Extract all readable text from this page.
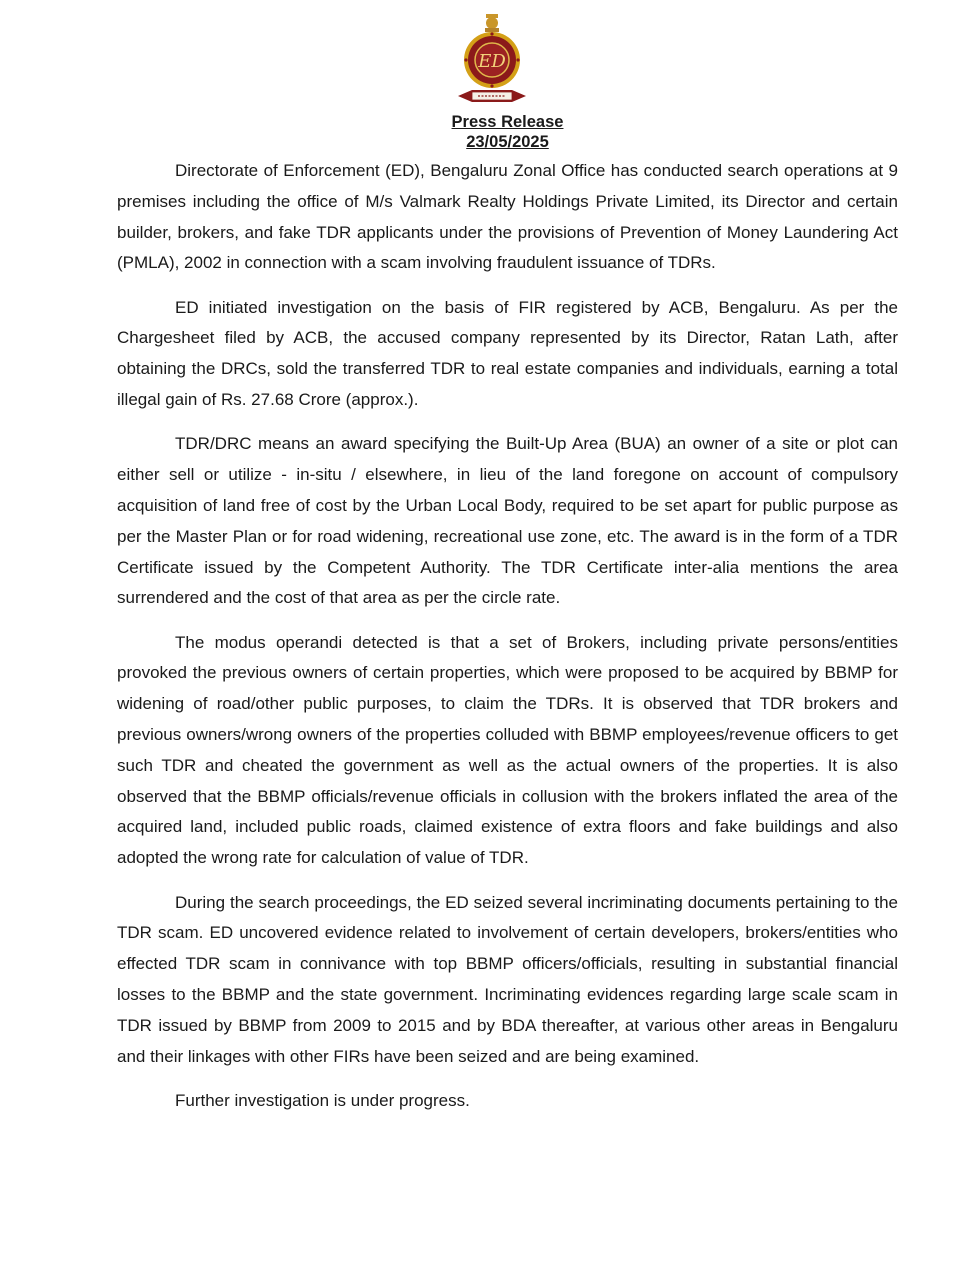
ED
Press Release
23/05/2025

Directorate of Enforcement (ED), Bengaluru Zonal Office has conducted search operations at 9 premises including the office of M/s Valmark Realty Holdings Private Limited, its Director and certain builder, brokers, and fake TDR applicants under the provisions of Prevention of Money Laundering Act (PMLA), 2002 in connection with a scam involving fraudulent issuance of TDRs.

ED initiated investigation on the basis of FIR registered by ACB, Bengaluru. As per the Chargesheet filed by ACB, the accused company represented by its Director, Ratan Lath, after obtaining the DRCs, sold the transferred TDR to real estate companies and individuals, earning a total illegal gain of Rs. 27.68 Crore (approx.).

TDR/DRC means an award specifying the Built-Up Area (BUA) an owner of a site or plot can either sell or utilize - in-situ / elsewhere, in lieu of the land foregone on account of compulsory acquisition of land free of cost by the Urban Local Body, required to be set apart for public purpose as per the Master Plan or for road widening, recreational use zone, etc. The award is in the form of a TDR Certificate issued by the Competent Authority. The TDR Certificate inter-alia mentions the area surrendered and the cost of that area as per the circle rate.

The modus operandi detected is that a set of Brokers, including private persons/entities provoked the previous owners of certain properties, which were proposed to be acquired by BBMP for widening of road/other public purposes, to claim the TDRs. It is observed that TDR brokers and previous owners/wrong owners of the properties colluded with BBMP employees/revenue officers to get such TDR and cheated the government as well as the actual owners of the properties. It is also observed that the BBMP officials/revenue officials in collusion with the brokers inflated the area of the acquired land, included public roads, claimed existence of extra floors and fake buildings and also adopted the wrong rate for calculation of value of TDR.

During the search proceedings, the ED seized several incriminating documents pertaining to the TDR scam. ED uncovered evidence related to involvement of certain developers, brokers/entities who effected TDR scam in connivance with top BBMP officers/officials, resulting in substantial financial losses to the BBMP and the state government. Incriminating evidences regarding large scale scam in TDR issued by BBMP from 2009 to 2015 and by BDA thereafter, at various other areas in Bengaluru and their linkages with other FIRs have been seized and are being examined.

Further investigation is under progress.
